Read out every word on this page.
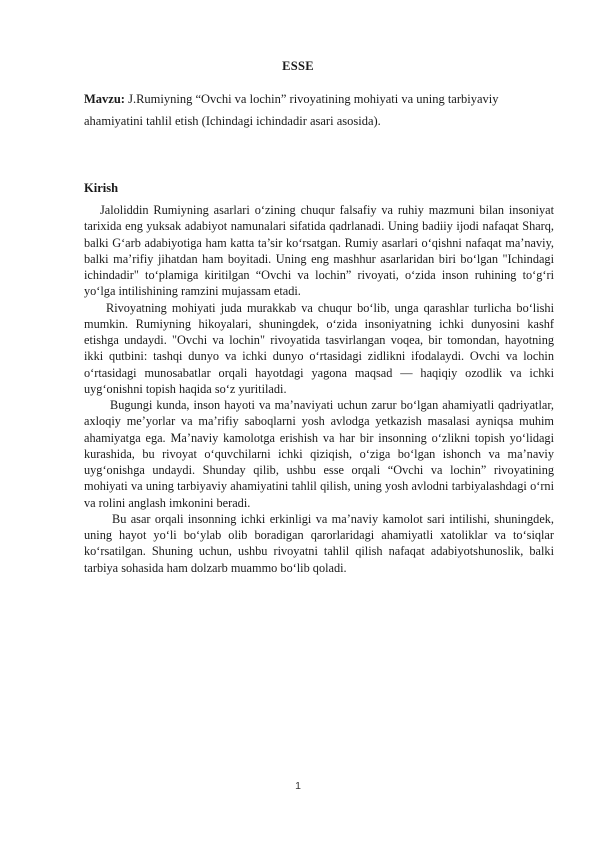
ESSE
Mavzu: J.Rumiyning “Ovchi va lochin” rivoyatining mohiyati va uning tarbiyaviy ahamiyatini tahlil etish (Ichindagi ichindadir asari asosida).
Kirish

Jaloliddin Rumiyning asarlari o‘zining chuqur falsafiy va ruhiy mazmuni bilan insoniyat tarixida eng yuksak adabiyot namunalari sifatida qadrlanadi. Uning badiiy ijodi nafaqat Sharq, balki G‘arb adabiyotiga ham katta ta’sir ko‘rsatgan. Rumiy asarlari o‘qishni nafaqat ma’naviy, balki ma’rifiy jihatdan ham boyitadi. Uning eng mashhur asarlaridan biri bo‘lgan "Ichindagi ichindadir" to‘plamiga kiritilgan “Ovchi va lochin” rivoyati, o‘zida inson ruhining to‘g‘ri yo‘lga intilishining ramzini mujassam etadi.

Rivoyatning mohiyati juda murakkab va chuqur bo‘lib, unga qarashlar turlicha bo‘lishi mumkin. Rumiyning hikoyalari, shuningdek, o‘zida insoniyatning ichki dunyosini kashf etishga undaydi. "Ovchi va lochin" rivoyatida tasvirlangan voqea, bir tomondan, hayotning ikki qutbini: tashqi dunyo va ichki dunyo o‘rtasidagi zidlikni ifodalaydi. Ovchi va lochin o‘rtasidagi munosabatlar orqali hayotdagi yagona maqsad — haqiqiy ozodlik va ichki uyg‘onishni topish haqida so‘z yuritiladi.

Bugungi kunda, inson hayoti va ma’naviyati uchun zarur bo‘lgan ahamiyatli qadriyatlar, axloqiy me’yorlar va ma’rifiy saboqlarni yosh avlodga yetkazish masalasi ayniqsa muhim ahamiyatga ega. Ma’naviy kamolotga erishish va har bir insonning o‘zlikni topish yo‘lidagi kurashida, bu rivoyat o‘quvchilarni ichki qiziqish, o‘ziga bo‘lgan ishonch va ma’naviy uyg‘onishga undaydi. Shunday qilib, ushbu esse orqali “Ovchi va lochin” rivoyatining mohiyati va uning tarbiyaviy ahamiyatini tahlil qilish, uning yosh avlodni tarbiyalashdagi o‘rni va rolini anglash imkonini beradi.

Bu asar orqali insonning ichki erkinligi va ma’naviy kamolot sari intilishi, shuningdek, uning hayot yo‘li bo‘ylab olib boradigan qarorlaridagi ahamiyatli xatoliklar va to‘siqlar ko‘rsatilgan. Shuning uchun, ushbu rivoyatni tahlil qilish nafaqat adabiyotshunoslik, balki tarbiya sohasida ham dolzarb muammo bo‘lib qoladi.

1
